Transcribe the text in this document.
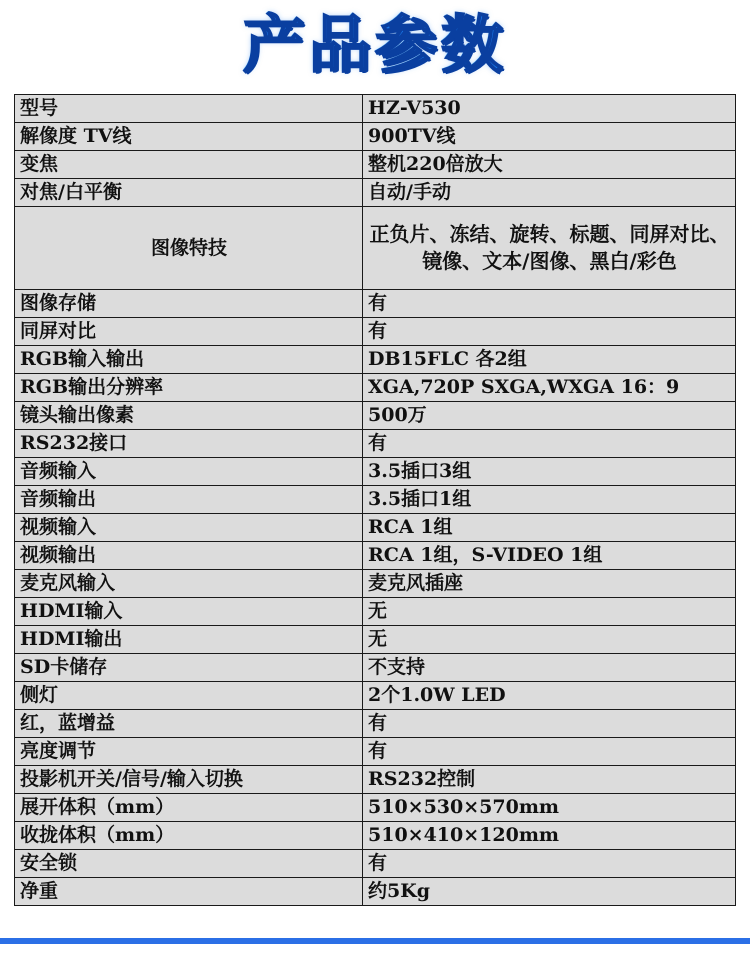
产品参数
型号	HZ-V530
解像度 TV线	900TV线
变焦	整机220倍放大
对焦/白平衡	自动/手动
图像特技	正负片、冻结、旋转、标题、同屏对比、镜像、文本/图像、黑白/彩色
图像存储	有
同屏对比	有
RGB输入输出	DB15FLC 各2组
RGB输出分辨率	XGA,720P SXGA,WXGA 16：9
镜头输出像素	500万
RS232接口	有
音频输入	3.5插口3组
音频输出	3.5插口1组
视频输入	RCA 1组
视频输出	RCA 1组，S-VIDEO 1组
麦克风输入	麦克风插座
HDMI输入	无
HDMI输出	无
SD卡储存	不支持
侧灯	2个1.0W LED
红，蓝增益	有
亮度调节	有
投影机开关/信号/输入切换	RS232控制
展开体积（mm）	510×530×570mm
收拢体积（mm）	510×410×120mm
安全锁	有
净重	约5Kg
